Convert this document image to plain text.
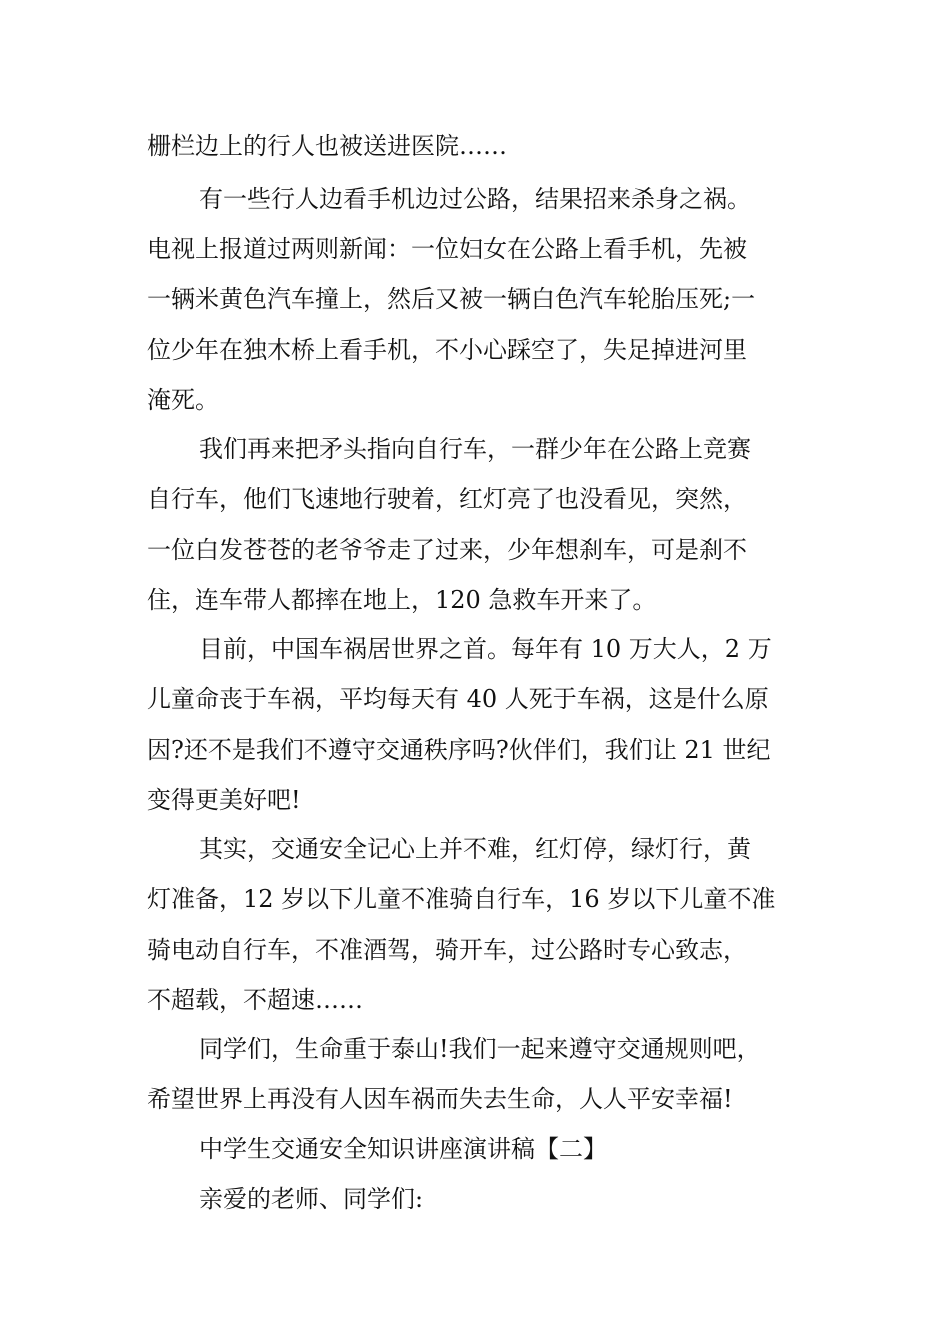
栅栏边上的行人也被送进医院……
有一些行人边看手机边过公路，结果招来杀身之祸。
电视上报道过两则新闻：一位妇女在公路上看手机，先被
一辆米黄色汽车撞上，然后又被一辆白色汽车轮胎压死;一
位少年在独木桥上看手机，不小心踩空了，失足掉进河里
淹死。
我们再来把矛头指向自行车，一群少年在公路上竞赛
自行车，他们飞速地行驶着，红灯亮了也没看见，突然，
一位白发苍苍的老爷爷走了过来，少年想刹车，可是刹不
住，连车带人都摔在地上，120 急救车开来了。
目前，中国车祸居世界之首。每年有 10 万大人，2 万
儿童命丧于车祸，平均每天有 40 人死于车祸，这是什么原
因?还不是我们不遵守交通秩序吗?伙伴们，我们让 21 世纪
变得更美好吧!
其实，交通安全记心上并不难，红灯停，绿灯行，黄
灯准备，12 岁以下儿童不准骑自行车，16 岁以下儿童不准
骑电动自行车，不准酒驾，骑开车，过公路时专心致志，
不超载，不超速……
同学们，生命重于泰山!我们一起来遵守交通规则吧，
希望世界上再没有人因车祸而失去生命，人人平安幸福!
中学生交通安全知识讲座演讲稿【二】
亲爱的老师、同学们:
